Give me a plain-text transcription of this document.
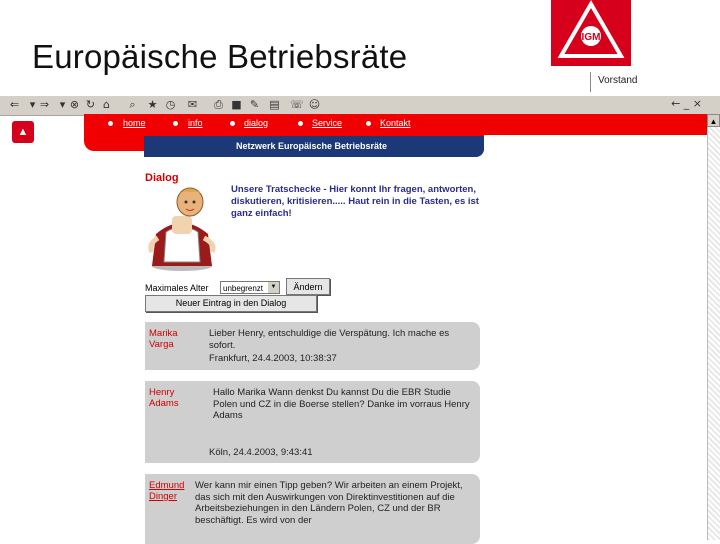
Europäische Betriebsräte
IGM
Vorstand
⇐ ▾ ⇒ ▾ ⊗ ↻ ⌂	⌕	★ ◷ ✉ ⎙ ■ ✎ ▤ ☏ ☺	← _ ×
▲
home	info	dialog	Service	Kontakt
Netzwerk Europäische Betriebsräte
▲
Dialog
Unsere Tratschecke - Hier konnt Ihr fragen, antworten, diskutieren, kritisieren..... Haut rein in die Tasten, es ist ganz einfach!
Maximales Alter	unbegrenzt	▼	Ändern
Neuer Eintrag in den Dialog
Marika
Varga
Lieber Henry, entschuldige die Verspätung. Ich mache es sofort.
Frankfurt, 24.4.2003, 10:38:37
Henry
Adams
Hallo Marika Wann denkst Du kannst Du die EBR Studie Polen und CZ in die Boerse stellen? Danke im vorraus Henry Adams
Köln, 24.4.2003, 9:43:41
Edmund
Dinger
Wer kann mir einen Tipp geben? Wir arbeiten an einem Projekt, das sich mit den Auswirkungen von Direktinvestitionen auf die Arbeitsbeziehungen in den Ländern Polen, CZ und der BR beschäftigt. Es wird von der
